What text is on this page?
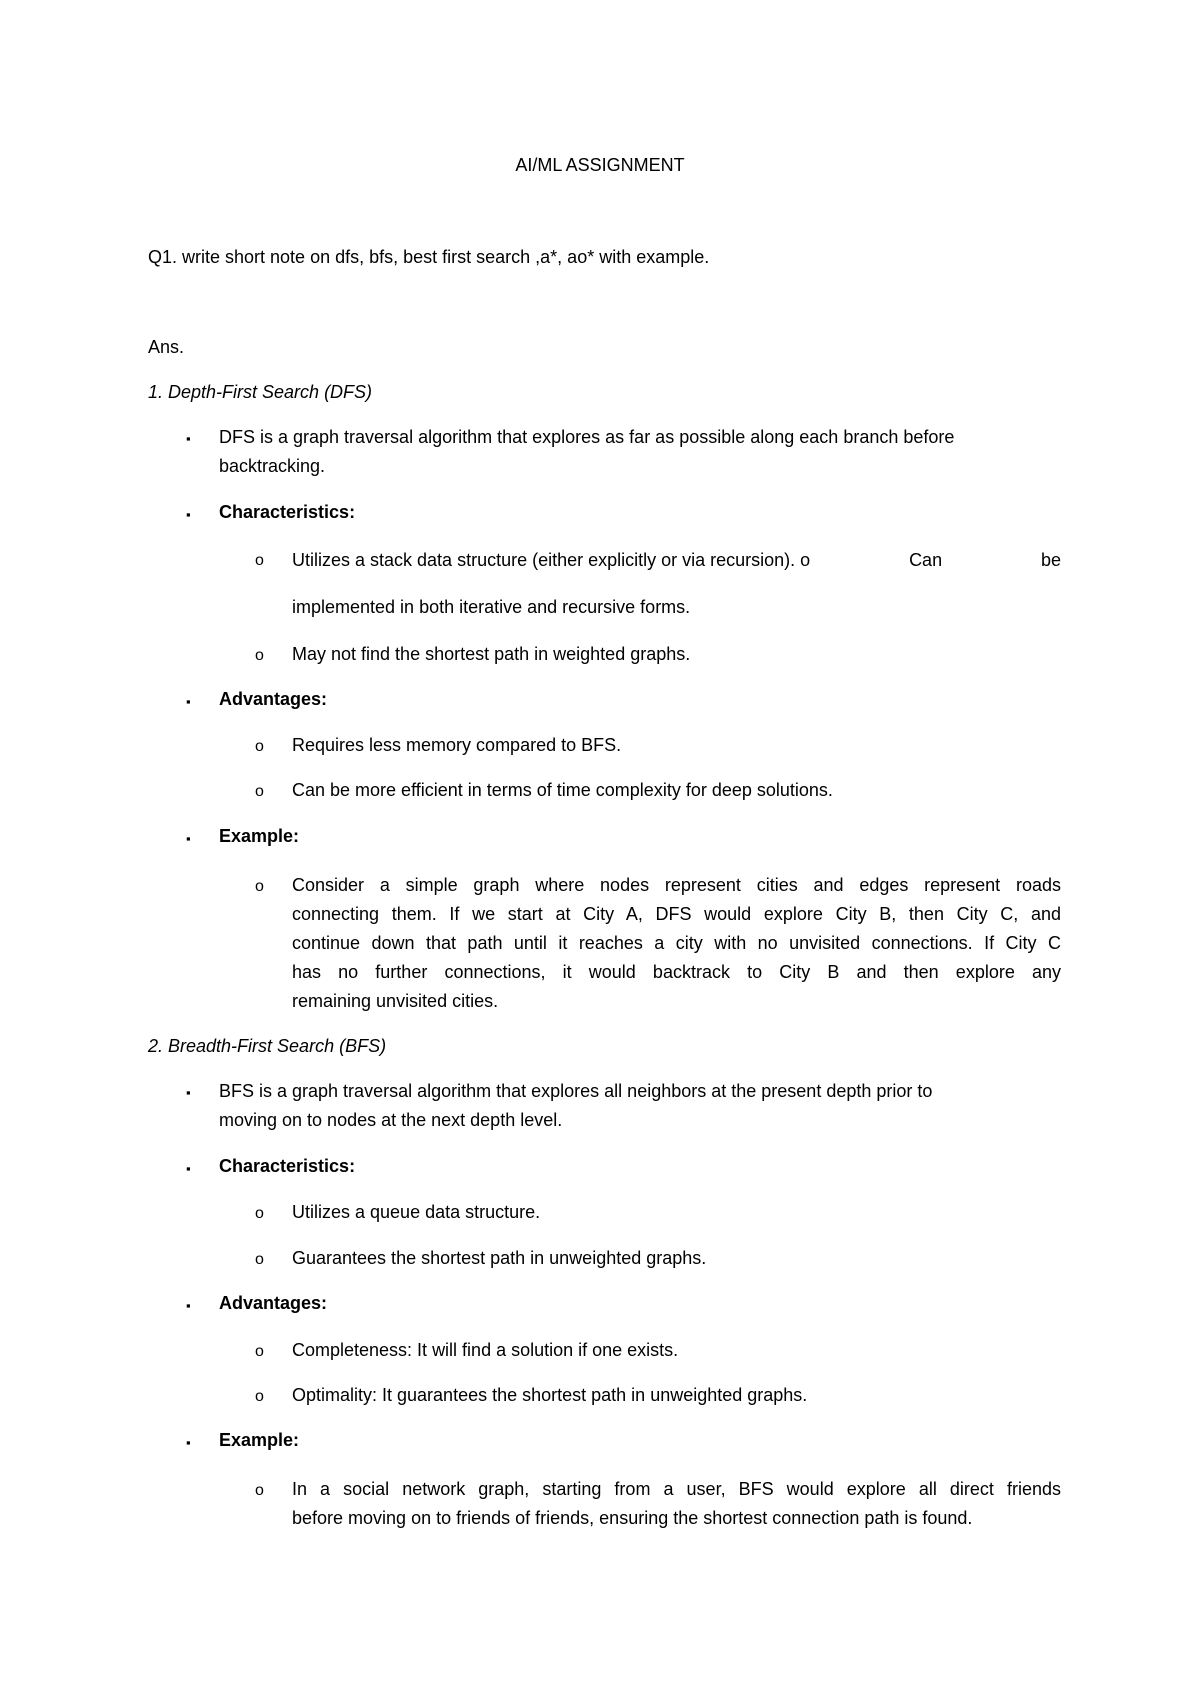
AI/ML ASSIGNMENT
Q1. write short note on dfs, bfs, best first search ,a*, ao* with example.
Ans.
1. Depth-First Search (DFS)
▪ DFS is a graph traversal algorithm that explores as far as possible along each branch before
backtracking.
▪ Characteristics:
o Utilizes a stack data structure (either explicitly or via recursion). o	Can	be
implemented in both iterative and recursive forms.
o May not find the shortest path in weighted graphs.
▪ Advantages:
o Requires less memory compared to BFS.
o Can be more efficient in terms of time complexity for deep solutions.
▪ Example:
o Consider a simple graph where nodes represent cities and edges represent roads
connecting them. If we start at City A, DFS would explore City B, then City C, and
continue down that path until it reaches a city with no unvisited connections. If City C
has no further connections, it would backtrack to City B and then explore any
remaining unvisited cities.
2. Breadth-First Search (BFS)
▪ BFS is a graph traversal algorithm that explores all neighbors at the present depth prior to
moving on to nodes at the next depth level.
▪ Characteristics:
o Utilizes a queue data structure.
o Guarantees the shortest path in unweighted graphs.
▪ Advantages:
o Completeness: It will find a solution if one exists.
o Optimality: It guarantees the shortest path in unweighted graphs.
▪ Example:
o In a social network graph, starting from a user, BFS would explore all direct friends
before moving on to friends of friends, ensuring the shortest connection path is found.
